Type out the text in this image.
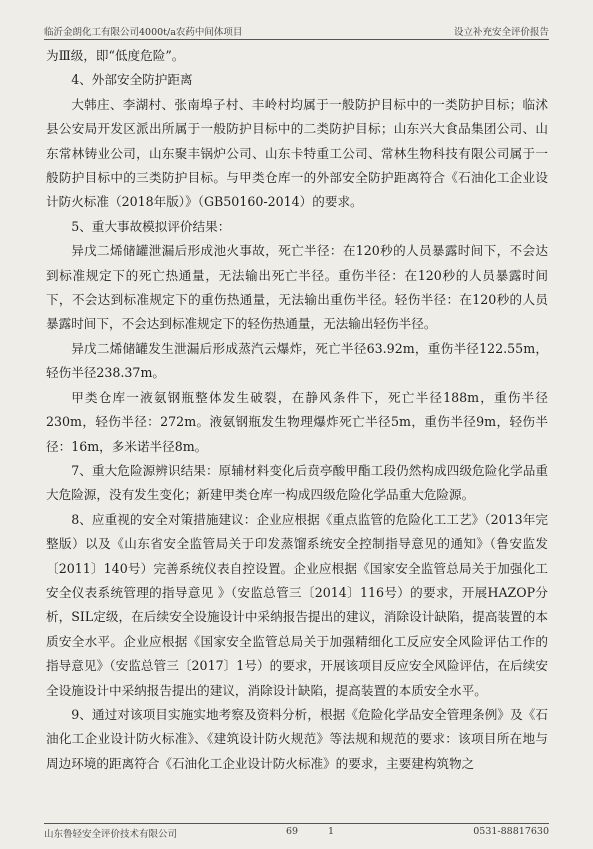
临沂金朗化工有限公司4000t/a农药中间体项目	设立补充安全评价报告

为Ⅲ级，即“低度危险”。

4、外部安全防护距离

大韩庄、李湖村、张南埠子村、丰岭村均属于一般防护目标中的一类防护目标；临沭县公安局开发区派出所属于一般防护目标中的二类防护目标；山东兴大食品集团公司、山东常林铸业公司，山东聚丰锅炉公司、山东卡特重工公司、常林生物科技有限公司属于一般防护目标中的三类防护目标。与甲类仓库一的外部安全防护距离符合《石油化工企业设计防火标准（2018年版）》（GB50160-2014）的要求。

5、重大事故模拟评价结果：

异戊二烯储罐泄漏后形成池火事故，死亡半径：在120秒的人员暴露时间下，不会达到标准规定下的死亡热通量，无法输出死亡半径。重伤半径：在120秒的人员暴露时间下，不会达到标准规定下的重伤热通量，无法输出重伤半径。轻伤半径：在120秒的人员暴露时间下，不会达到标准规定下的轻伤热通量，无法输出轻伤半径。

异戊二烯储罐发生泄漏后形成蒸汽云爆炸，死亡半径63.92m，重伤半径122.55m，轻伤半径238.37m。

甲类仓库一液氨钢瓶整体发生破裂，在静风条件下，死亡半径188m，重伤半径230m，轻伤半径：272m。液氨钢瓶发生物理爆炸死亡半径5m，重伤半径9m，轻伤半径：16m，多米诺半径8m。

7、重大危险源辨识结果：原辅材料变化后贲亭酸甲酯工段仍然构成四级危险化学品重大危险源，没有发生变化；新建甲类仓库一构成四级危险化学品重大危险源。

8、应重视的安全对策措施建议：企业应根据《重点监管的危险化工工艺》（2013年完整版）以及《山东省安全监管局关于印发蒸馏系统安全控制指导意见的通知》（鲁安监发〔2011〕140号）完善系统仪表自控设置。企业应根据《国家安全监管总局关于加强化工安全仪表系统管理的指导意见 》（安监总管三〔2014〕116号）的要求，开展HAZOP分析，SIL定级，在后续安全设施设计中采纳报告提出的建议，消除设计缺陷，提高装置的本质安全水平。企业应根据《国家安全监管总局关于加强精细化工反应安全风险评估工作的指导意见》（安监总管三〔2017〕1号）的要求，开展该项目反应安全风险评估，在后续安全设施设计中采纳报告提出的建议，消除设计缺陷，提高装置的本质安全水平。

9、通过对该项目实施实地考察及资料分析，根据《危险化学品安全管理条例》及《石油化工企业设计防火标准》、《建筑设计防火规范》等法规和规范的要求：该项目所在地与周边环境的距离符合《石油化工企业设计防火标准》的要求，主要建构筑物之

山东鲁轻安全评价技术有限公司	69	1	0531-88817630
